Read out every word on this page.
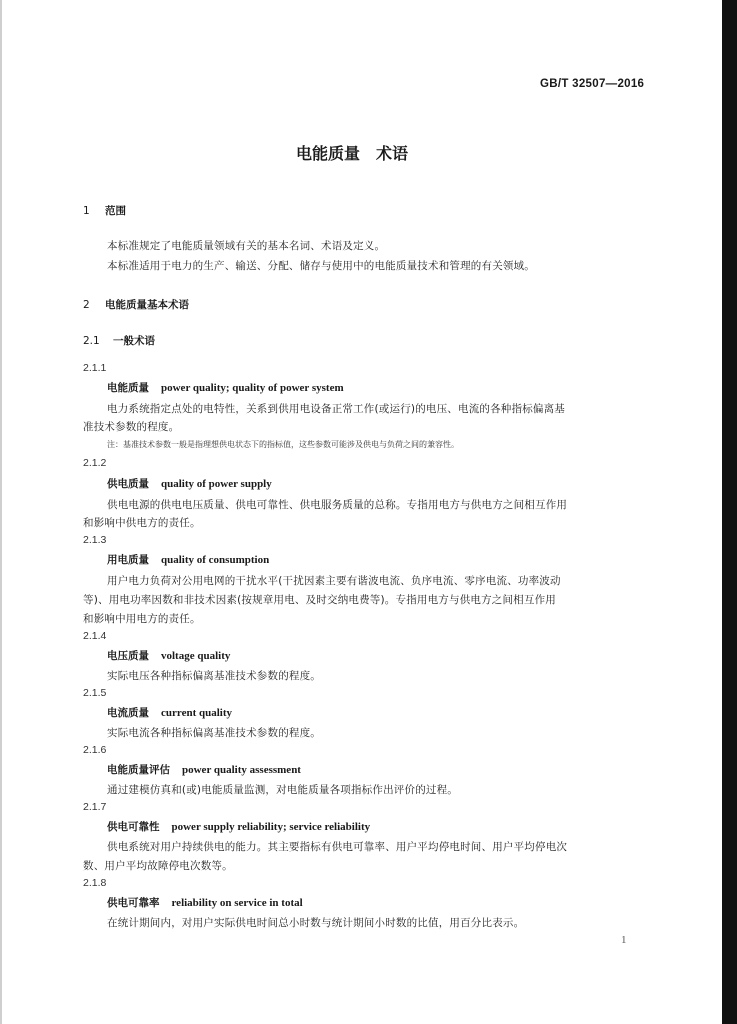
GB/T 32507—2016
电能质量　术语
1 范围
本标准规定了电能质量领域有关的基本名词、术语及定义。
本标准适用于电力的生产、输送、分配、储存与使用中的电能质量技术和管理的有关领域。
2 电能质量基本术语
2.1 一般术语
2.1.1
电能质量 power quality; quality of power system
电力系统指定点处的电特性，关系到供用电设备正常工作(或运行)的电压、电流的各种指标偏离基
准技术参数的程度。
注：基准技术参数一般是指理想供电状态下的指标值，这些参数可能涉及供电与负荷之间的兼容性。
2.1.2
供电质量 quality of power supply
供电电源的供电电压质量、供电可靠性、供电服务质量的总称。专指用电方与供电方之间相互作用
和影响中供电方的责任。
2.1.3
用电质量 quality of consumption
用户电力负荷对公用电网的干扰水平(干扰因素主要有谐波电流、负序电流、零序电流、功率波动
等)、用电功率因数和非技术因素(按规章用电、及时交纳电费等)。专指用电方与供电方之间相互作用
和影响中用电方的责任。
2.1.4
电压质量 voltage quality
实际电压各种指标偏离基准技术参数的程度。
2.1.5
电流质量 current quality
实际电流各种指标偏离基准技术参数的程度。
2.1.6
电能质量评估 power quality assessment
通过建模仿真和(或)电能质量监测，对电能质量各项指标作出评价的过程。
2.1.7
供电可靠性 power supply reliability; service reliability
供电系统对用户持续供电的能力。其主要指标有供电可靠率、用户平均停电时间、用户平均停电次
数、用户平均故障停电次数等。
2.1.8
供电可靠率 reliability on service in total
在统计期间内，对用户实际供电时间总小时数与统计期间小时数的比值，用百分比表示。
1
